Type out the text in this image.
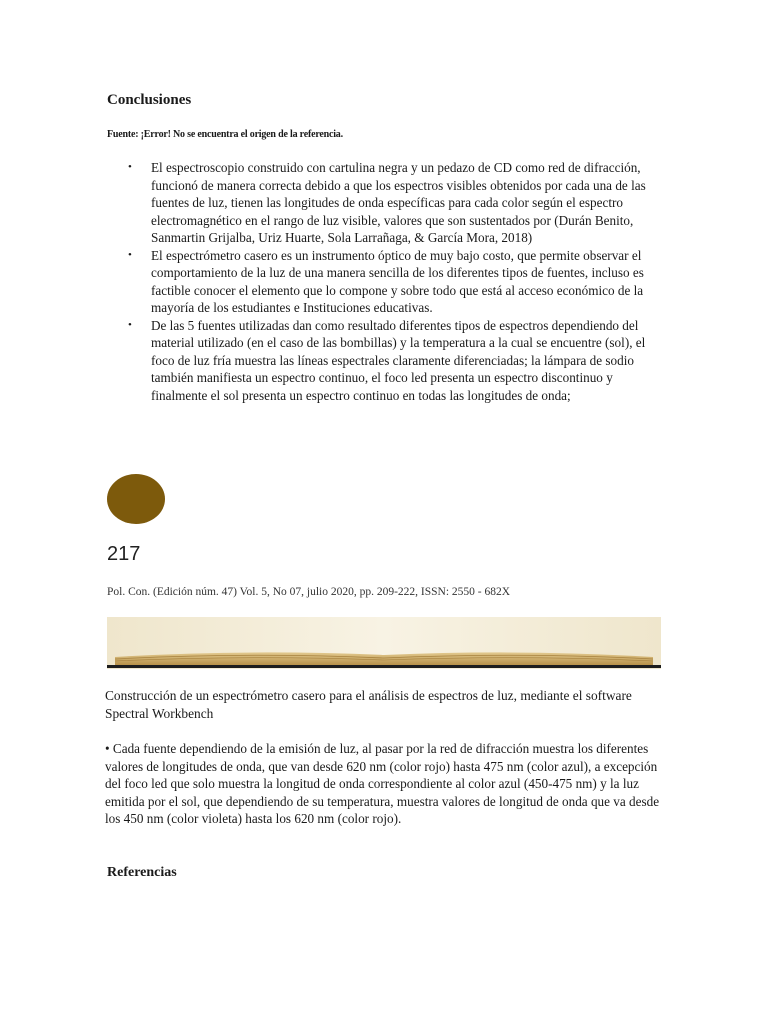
Conclusiones
Fuente: ¡Error! No se encuentra el origen de la referencia.
• El espectroscopio construido con cartulina negra y un pedazo de CD como red de difracción, funcionó de manera correcta debido a que los espectros visibles obtenidos por cada una de las fuentes de luz, tienen las longitudes de onda específicas para cada color según el espectro electromagnético en el rango de luz visible, valores que son sustentados por (Durán Benito, Sanmartin Grijalba, Uriz Huarte, Sola Larrañaga, & García Mora, 2018)
• El espectrómetro casero es un instrumento óptico de muy bajo costo, que permite observar el comportamiento de la luz de una manera sencilla de los diferentes tipos de fuentes, incluso es factible conocer el elemento que lo compone y sobre todo que está al acceso económico de la mayoría de los estudiantes e Instituciones educativas.
• De las 5 fuentes utilizadas dan como resultado diferentes tipos de espectros dependiendo del material utilizado (en el caso de las bombillas) y la temperatura a la cual se encuentre (sol), el foco de luz fría muestra las líneas espectrales claramente diferenciadas; la lámpara de sodio también manifiesta un espectro continuo, el foco led presenta un espectro discontinuo y finalmente el sol presenta un espectro continuo en todas las longitudes de onda;
217
Pol. Con. (Edición núm. 47) Vol. 5, No 07, julio 2020, pp. 209-222, ISSN: 2550 - 682X
Construcción de un espectrómetro casero para el análisis de espectros de luz, mediante el software Spectral Workbench
• Cada fuente dependiendo de la emisión de luz, al pasar por la red de difracción muestra los diferentes valores de longitudes de onda, que van desde 620 nm (color rojo) hasta 475 nm (color azul), a excepción del foco led que solo muestra la longitud de onda correspondiente al color azul (450-475 nm) y la luz emitida por el sol, que dependiendo de su temperatura, muestra valores de longitud de onda que va desde los 450 nm (color violeta) hasta los 620 nm (color rojo).
Referencias
